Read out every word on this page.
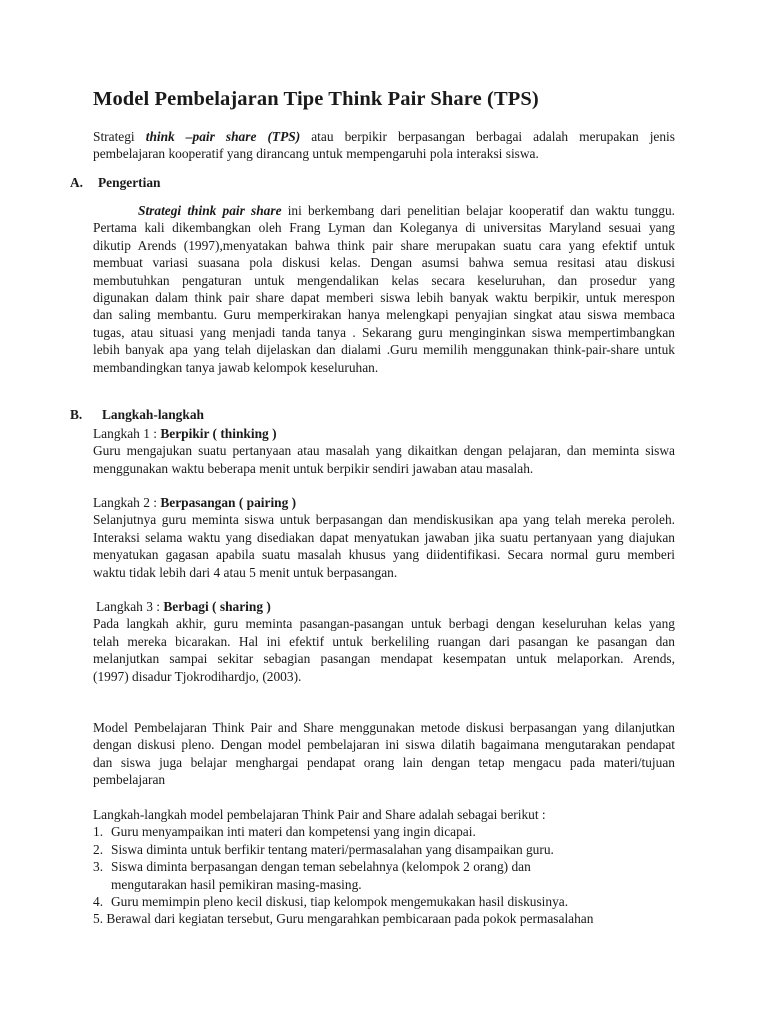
Model Pembelajaran Tipe Think Pair Share (TPS)
Strategi think –pair share (TPS) atau berpikir berpasangan berbagai adalah merupakan jenis
pembelajaran kooperatif yang dirancang untuk mempengaruhi pola interaksi siswa.
A. Pengertian
Strategi think pair share ini berkembang dari penelitian belajar kooperatif dan waktu tunggu.
Pertama kali dikembangkan oleh Frang Lyman dan Koleganya di universitas Maryland sesuai yang
dikutip Arends (1997),menyatakan bahwa think pair share merupakan suatu cara yang efektif untuk
membuat variasi suasana pola diskusi kelas. Dengan asumsi bahwa semua resitasi atau diskusi
membutuhkan pengaturan untuk mengendalikan kelas secara keseluruhan, dan prosedur yang
digunakan dalam think pair share dapat memberi siswa lebih banyak waktu berpikir, untuk merespon
dan saling membantu. Guru memperkirakan hanya melengkapi penyajian singkat atau siswa membaca
tugas, atau situasi yang menjadi tanda tanya . Sekarang guru menginginkan siswa mempertimbangkan
lebih banyak apa yang telah dijelaskan dan dialami .Guru memilih menggunakan think-pair-share untuk
membandingkan tanya jawab kelompok keseluruhan.
B. Langkah-langkah
Langkah 1 : Berpikir ( thinking )
Guru mengajukan suatu pertanyaan atau masalah yang dikaitkan dengan pelajaran, dan meminta siswa
menggunakan waktu beberapa menit untuk berpikir sendiri jawaban atau masalah.
Langkah 2 : Berpasangan ( pairing )
Selanjutnya guru meminta siswa untuk berpasangan dan mendiskusikan apa yang telah mereka peroleh.
Interaksi selama waktu yang disediakan dapat menyatukan jawaban jika suatu pertanyaan yang diajukan
menyatukan gagasan apabila suatu masalah khusus yang diidentifikasi. Secara normal guru memberi
waktu tidak lebih dari 4 atau 5 menit untuk berpasangan.
Langkah 3 : Berbagi ( sharing )
Pada langkah akhir, guru meminta pasangan-pasangan untuk berbagi dengan keseluruhan kelas yang
telah mereka bicarakan. Hal ini efektif untuk berkeliling ruangan dari pasangan ke pasangan dan
melanjutkan sampai sekitar sebagian pasangan mendapat kesempatan untuk melaporkan. Arends,
(1997) disadur Tjokrodihardjo, (2003).
Model Pembelajaran Think Pair and Share menggunakan metode diskusi berpasangan yang dilanjutkan
dengan diskusi pleno. Dengan model pembelajaran ini siswa dilatih bagaimana mengutarakan pendapat
dan siswa juga belajar menghargai pendapat orang lain dengan tetap mengacu pada materi/tujuan
pembelajaran
Langkah-langkah model pembelajaran Think Pair and Share adalah sebagai berikut :
1. Guru menyampaikan inti materi dan kompetensi yang ingin dicapai.
2. Siswa diminta untuk berfikir tentang materi/permasalahan yang disampaikan guru.
3. Siswa diminta berpasangan dengan teman sebelahnya (kelompok 2 orang) dan
mengutarakan hasil pemikiran masing-masing.
4. Guru memimpin pleno kecil diskusi, tiap kelompok mengemukakan hasil diskusinya.
5. Berawal dari kegiatan tersebut, Guru mengarahkan pembicaraan pada pokok permasalahan
